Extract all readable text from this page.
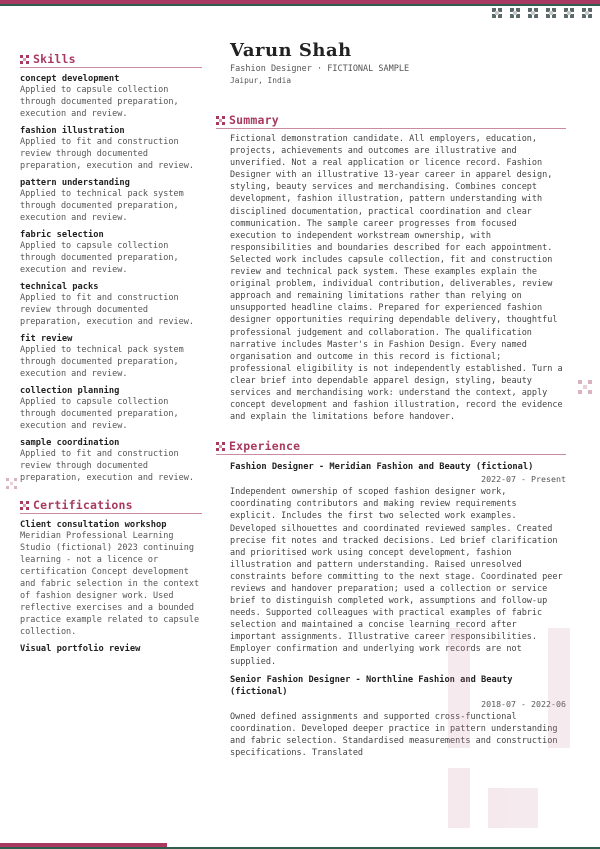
Skills
concept development
Applied to capsule collection through documented preparation, execution and review.
fashion illustration
Applied to fit and construction review through documented preparation, execution and review.
pattern understanding
Applied to technical pack system through documented preparation, execution and review.
fabric selection
Applied to capsule collection through documented preparation, execution and review.
technical packs
Applied to fit and construction review through documented preparation, execution and review.
fit review
Applied to technical pack system through documented preparation, execution and review.
collection planning
Applied to capsule collection through documented preparation, execution and review.
sample coordination
Applied to fit and construction review through documented preparation, execution and review.
Certifications
Client consultation workshop
Meridian Professional Learning Studio (fictional) 2023 continuing learning - not a licence or certification Concept development and fabric selection in the context of fashion designer work. Used reflective exercises and a bounded practice example related to capsule collection.
Visual portfolio review
Varun Shah
Fashion Designer · FICTIONAL SAMPLE
Jaipur, India
Summary
Fictional demonstration candidate. All employers, education, projects, achievements and outcomes are illustrative and unverified. Not a real application or licence record. Fashion Designer with an illustrative 13-year career in apparel design, styling, beauty services and merchandising. Combines concept development, fashion illustration, pattern understanding with disciplined documentation, practical coordination and clear communication. The sample career progresses from focused execution to independent workstream ownership, with responsibilities and boundaries described for each appointment. Selected work includes capsule collection, fit and construction review and technical pack system. These examples explain the original problem, individual contribution, deliverables, review approach and remaining limitations rather than relying on unsupported headline claims. Prepared for experienced fashion designer opportunities requiring dependable delivery, thoughtful professional judgement and collaboration. The qualification narrative includes Master's in Fashion Design. Every named organisation and outcome in this record is fictional; professional eligibility is not independently established. Turn a clear brief into dependable apparel design, styling, beauty services and merchandising work: understand the context, apply concept development and fashion illustration, record the evidence and explain the limitations before handover.
Experience
Fashion Designer - Meridian Fashion and Beauty (fictional)
2022-07 - Present
Independent ownership of scoped fashion designer work, coordinating contributors and making review requirements explicit. Includes the first two selected work examples. Developed silhouettes and coordinated reviewed samples. Created precise fit notes and tracked decisions. Led brief clarification and prioritised work using concept development, fashion illustration and pattern understanding. Raised unresolved constraints before committing to the next stage. Coordinated peer reviews and handover preparation; used a collection or service brief to distinguish completed work, assumptions and follow-up needs. Supported colleagues with practical examples of fabric selection and maintained a concise learning record after important assignments. Illustrative career responsibilities. Employer confirmation and underlying work records are not supplied.
Senior Fashion Designer - Northline Fashion and Beauty (fictional)
2018-07 - 2022-06
Owned defined assignments and supported cross-functional coordination. Developed deeper practice in pattern understanding and fabric selection. Standardised measurements and construction specifications. Translated
